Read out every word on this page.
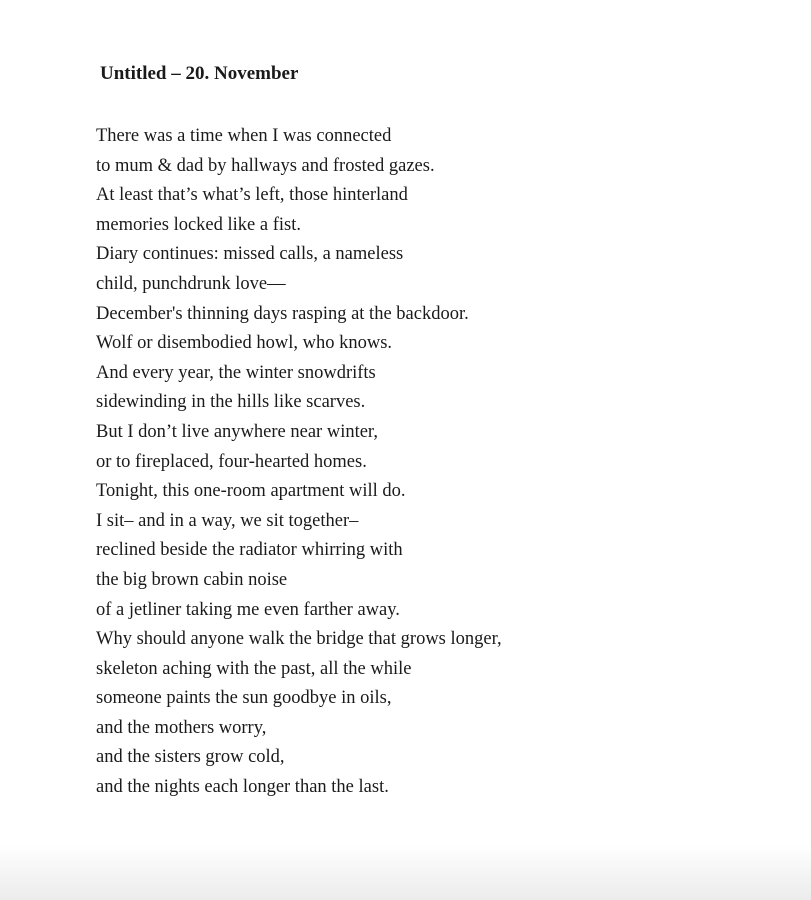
Untitled – 20. November
There was a time when I was connected
to mum & dad by hallways and frosted gazes.
At least that’s what’s left, those hinterland
memories locked like a fist.
Diary continues: missed calls, a nameless
child, punchdrunk love—
December's thinning days rasping at the backdoor.
Wolf or disembodied howl, who knows.
And every year, the winter snowdrifts
sidewinding in the hills like scarves.
But I don’t live anywhere near winter,
or to fireplaced, four-hearted homes.
Tonight, this one-room apartment will do.
I sit– and in a way, we sit together–
reclined beside the radiator whirring with
the big brown cabin noise
of a jetliner taking me even farther away.
Why should anyone walk the bridge that grows longer,
skeleton aching with the past, all the while
someone paints the sun goodbye in oils,
and the mothers worry,
and the sisters grow cold,
and the nights each longer than the last.
